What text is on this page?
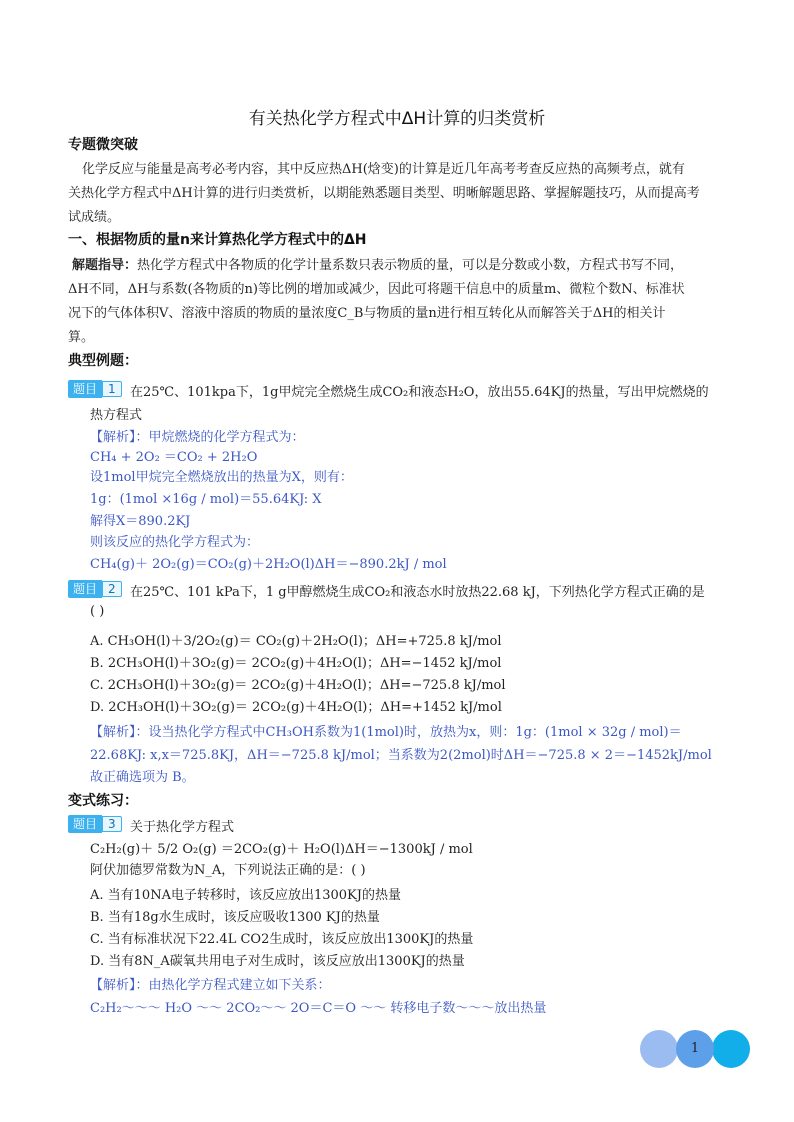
有关热化学方程式中ΔH计算的归类赏析
专题微突破
化学反应与能量是高考必考内容，其中反应热ΔH(焓变)的计算是近几年高考考查反应热的高频考点，就有
关热化学方程式中ΔH计算的进行归类赏析，以期能熟悉题目类型、明晰解题思路、掌握解题技巧，从而提高考
试成绩。
一、根据物质的量n来计算热化学方程式中的ΔH
解题指导：热化学方程式中各物质的化学计量系数只表示物质的量，可以是分数或小数，方程式书写不同，
ΔH不同，ΔH与系数(各物质的n)等比例的增加或减少，因此可将题干信息中的质量m、微粒个数N、标准状
况下的气体体积V、溶液中溶质的物质的量浓度C_B与物质的量n进行相互转化从而解答关于ΔH的相关计
算。
典型例题：
题目 1	在25℃、101kpa下，1g甲烷完全燃烧生成CO₂和液态H₂O，放出55.64KJ的热量，写出甲烷燃烧的
热方程式
【解析】：甲烷燃烧的化学方程式为：
CH₄ + 2O₂ ＝CO₂ + 2H₂O
设1mol甲烷完全燃烧放出的热量为X，则有：
1g：(1mol ×16g / mol)＝55.64KJ: X
解得X＝890.2KJ
则该反应的热化学方程式为：
CH₄(g)＋ 2O₂(g)＝CO₂(g)＋2H₂O(l)ΔH＝−890.2kJ / mol
题目 2	在25℃、101 kPa下，1 g甲醇燃烧生成CO₂和液态水时放热22.68 kJ，下列热化学方程式正确的是
( )
A. CH₃OH(l)＋3/2O₂(g)＝ CO₂(g)＋2H₂O(l)；ΔH=+725.8 kJ/mol
B. 2CH₃OH(l)＋3O₂(g)＝ 2CO₂(g)＋4H₂O(l)；ΔH=−1452 kJ/mol
C. 2CH₃OH(l)＋3O₂(g)＝ 2CO₂(g)＋4H₂O(l)；ΔH=−725.8 kJ/mol
D. 2CH₃OH(l)＋3O₂(g)＝ 2CO₂(g)＋4H₂O(l)；ΔH=+1452 kJ/mol
【解析】：设当热化学方程式中CH₃OH系数为1(1mol)时，放热为x，则：1g：(1mol × 32g / mol)＝
22.68KJ: x,x＝725.8KJ，ΔH＝−725.8 kJ/mol；当系数为2(2mol)时ΔH＝−725.8 × 2＝−1452kJ/mol
故正确选项为 B。
变式练习：
题目 3	关于热化学方程式
C₂H₂(g)＋ 5/2 O₂(g) ＝2CO₂(g)＋ H₂O(l)ΔH＝−1300kJ / mol
阿伏加德罗常数为N_A，下列说法正确的是：( )
A. 当有10NA电子转移时，该反应放出1300KJ的热量
B. 当有18g水生成时，该反应吸收1300 KJ的热量
C. 当有标准状况下22.4L CO2生成时，该反应放出1300KJ的热量
D. 当有8N_A碳氧共用电子对生成时，该反应放出1300KJ的热量
【解析】：由热化学方程式建立如下关系：
C₂H₂～～～ H₂O ～～ 2CO₂～～ 2O＝C＝O ～～ 转移电子数～～～放出热量
1
